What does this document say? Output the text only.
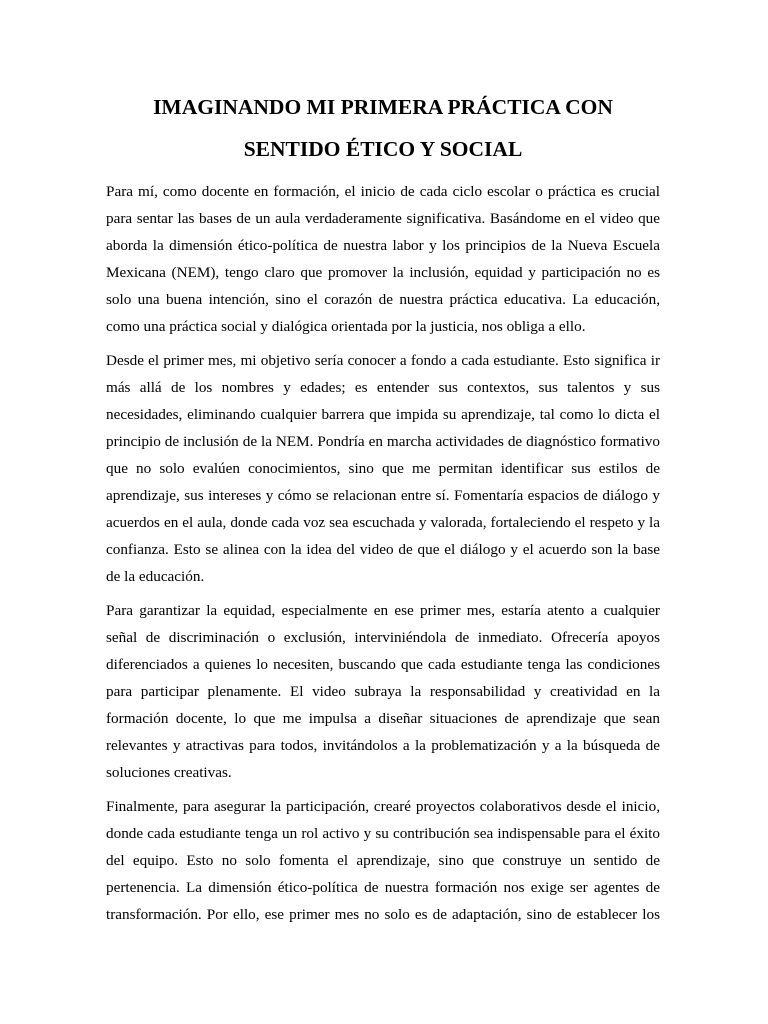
IMAGINANDO MI PRIMERA PRÁCTICA CON
SENTIDO ÉTICO Y SOCIAL

Para mí, como docente en formación, el inicio de cada ciclo escolar o práctica es crucial para sentar las bases de un aula verdaderamente significativa. Basándome en el video que aborda la dimensión ético-política de nuestra labor y los principios de la Nueva Escuela Mexicana (NEM), tengo claro que promover la inclusión, equidad y participación no es solo una buena intención, sino el corazón de nuestra práctica educativa. La educación, como una práctica social y dialógica orientada por la justicia, nos obliga a ello.

Desde el primer mes, mi objetivo sería conocer a fondo a cada estudiante. Esto significa ir más allá de los nombres y edades; es entender sus contextos, sus talentos y sus necesidades, eliminando cualquier barrera que impida su aprendizaje, tal como lo dicta el principio de inclusión de la NEM. Pondría en marcha actividades de diagnóstico formativo que no solo evalúen conocimientos, sino que me permitan identificar sus estilos de aprendizaje, sus intereses y cómo se relacionan entre sí. Fomentaría espacios de diálogo y acuerdos en el aula, donde cada voz sea escuchada y valorada, fortaleciendo el respeto y la confianza. Esto se alinea con la idea del video de que el diálogo y el acuerdo son la base de la educación.

Para garantizar la equidad, especialmente en ese primer mes, estaría atento a cualquier señal de discriminación o exclusión, interviniéndola de inmediato. Ofrecería apoyos diferenciados a quienes lo necesiten, buscando que cada estudiante tenga las condiciones para participar plenamente. El video subraya la responsabilidad y creatividad en la formación docente, lo que me impulsa a diseñar situaciones de aprendizaje que sean relevantes y atractivas para todos, invitándolos a la problematización y a la búsqueda de soluciones creativas.

Finalmente, para asegurar la participación, crearé proyectos colaborativos desde el inicio, donde cada estudiante tenga un rol activo y su contribución sea indispensable para el éxito del equipo. Esto no solo fomenta el aprendizaje, sino que construye un sentido de pertenencia. La dimensión ético-política de nuestra formación nos exige ser agentes de transformación. Por ello, ese primer mes no solo es de adaptación, sino de establecer los
